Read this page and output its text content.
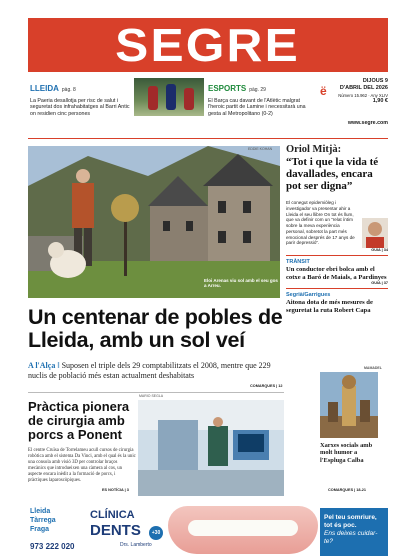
SEGRE
LLEIDA pàg. 8
La Paeria desallotja per risc de salut i seguretat dos infrahabitatges al Barri Antic on residien cinc persones
ESPORTS pàg. 29
El Barça cau davant de l'Atlètic malgrat l'heroic partit de Lamine i necessitarà una gesta al Metropolitano (0-2)
ë
DIJOUS 9
D'ABRIL DEL 2026
Número 15.962 · Any XLIV
1,90 €
www.segre.com
EDDIE KOHAN
Eloi Arenas viu sol amb el seu gos a Arreu.
Oriol Mitjà:
“Tot i que la vida té davallades, encara pot ser digna”
El conegut epidemiòleg i investigador va presentar ahir a Lleida el seu llibre On tot és llum, que va definir com un “relat íntim sobre la meva experiència personal, sobretot la part més emocional després de 17 anys de parir depressió”.
GUIA | 34
TRÀNSIT
Un conductor ebri bolca amb el cotxe a Baró de Maials, a Pardinyes
GUIA | 37
Segrià/Garrigues
Aitona dota de més mesures de seguretat la ruta Robert Capa
MAMADEL
Xarxes socials amb molt humor a l'Espluga Calba
COMARQUES | 18-21
Un centenar de pobles de Lleida, amb un sol veí
A l'Alça ‖ Suposen el triple dels 29 comptabilitzats el 2008, mentre que 229 nuclis de població més estan actualment deshabitats
COMARQUES | 12
Pràctica pionera de cirurgia amb porcs a Ponent
El centre Cruïsa de Torrelameu acull cursos de cirurgia robòtica amb el sistema Da Vinci, amb el qual és la unic una consola amb visió 3D per controlar braços mecànics que introdueixen una càmera al cos, un aspecte encara inèdit a la formació de porcs, i pràctiques laparoscòpiques.
ES NOTÍCIA | 3
MARIO SEGLA
Lleida
Tàrrega
Fraga
973 222 020
CLÍNICA
DENTS	+30
Drs. Lamberto
Pel teu somriure,
tot és poc.
Ens deixes cuidar-te?
